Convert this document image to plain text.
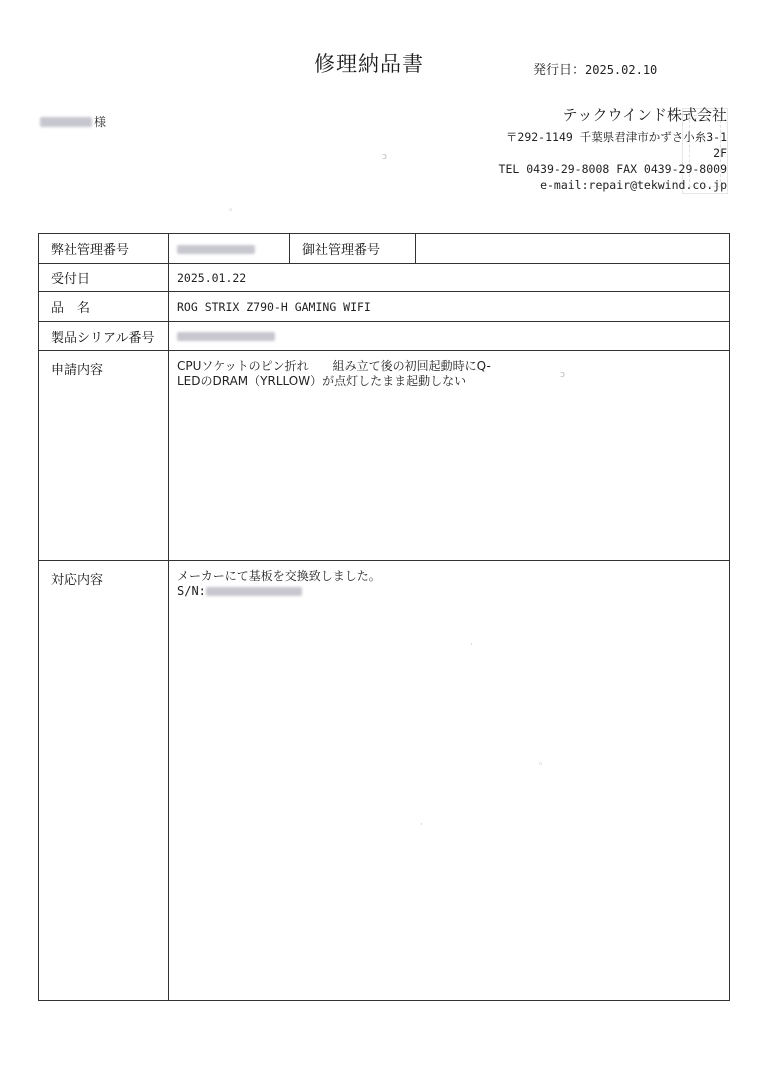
修理納品書	発行日：2025.02.10
様	テックウインド株式会社
〒292-1149 千葉県君津市かずさ小糸3-1
2F
TEL 0439-29-8008 FAX 0439-29-8009
e-mail:repair@tekwind.co.jp
弊社管理番号		御社管理番号	
受付日	2025.01.22		
品　名	ROG STRIX Z790-H GAMING WIFI		
製品シリアル番号			
申請内容	CPUソケットのピン折れ　　組み立て後の初回起動時にQ-
LEDのDRAM（YRLLOW）が点灯したまま起動しない		

対応内容	メーカーにて基板を交換致しました。
S/N:		
ↄ
◦
ↄ
·
◦
·
